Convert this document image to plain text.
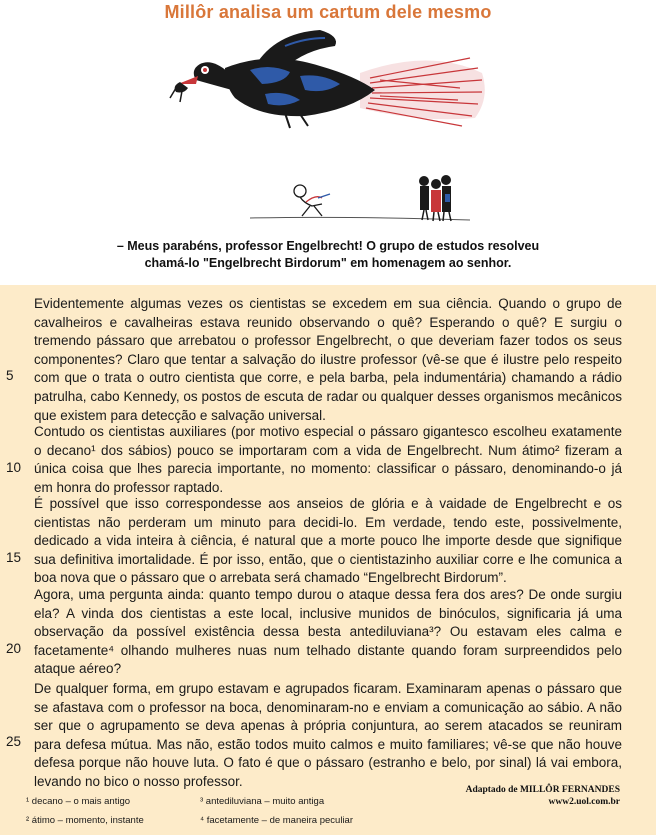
Millôr analisa um cartum dele mesmo
– Meus parabéns, professor Engelbrecht! O grupo de estudos resolveu
chamá-lo "Engelbrecht Birdorum" em homenagem ao senhor.
Evidentemente algumas vezes os cientistas se excedem em sua ciência. Quando o grupo de cavalheiros e cavalheiras estava reunido observando o quê? Esperando o quê? E surgiu o tremendo pássaro que arrebatou o professor Engelbrecht, o que deveriam fazer todos os seus componentes? Claro que tentar a salvação do ilustre professor (vê-se que é ilustre pelo respeito com que o trata o outro cientista que corre, e pela barba, pela indumentária) chamando a rádio patrulha, cabo Kennedy, os postos de escuta de radar ou qualquer desses organismos mecânicos que existem para detecção e salvação universal.
Contudo os cientistas auxiliares (por motivo especial o pássaro gigantesco escolheu exatamente o decano¹ dos sábios) pouco se importaram com a vida de Engelbrecht. Num átimo² fizeram a única coisa que lhes parecia importante, no momento: classificar o pássaro, denominando-o já em honra do professor raptado.
É possível que isso correspondesse aos anseios de glória e à vaidade de Engelbrecht e os cientistas não perderam um minuto para decidi-lo. Em verdade, tendo este, possivelmente, dedicado a vida inteira à ciência, é natural que a morte pouco lhe importe desde que signifique sua definitiva imortalidade. É por isso, então, que o cientistazinho auxiliar corre e lhe comunica a boa nova que o pássaro que o arrebata será chamado “Engelbrecht Birdorum”.
Agora, uma pergunta ainda: quanto tempo durou o ataque dessa fera dos ares? De onde surgiu ela? A vinda dos cientistas a este local, inclusive munidos de binóculos, significaria já uma observação da possível existência dessa besta antediluviana³? Ou estavam eles calma e facetamente⁴ olhando mulheres nuas num telhado distante quando foram surpreendidos pelo ataque aéreo?
De qualquer forma, em grupo estavam e agrupados ficaram. Examinaram apenas o pássaro que se afastava com o professor na boca, denominaram-no e enviam a comunicação ao sábio. A não ser que o agrupamento se deva apenas à própria conjuntura, ao serem atacados se reuniram para defesa mútua. Mas não, estão todos muito calmos e muito familiares; vê-se que não houve defesa porque não houve luta. O fato é que o pássaro (estranho e belo, por sinal) lá vai embora, levando no bico o nosso professor.
5
10
15
20
25
Adaptado de MILLÔR FERNANDES
www2.uol.com.br
¹ decano – o mais antigo
² átimo – momento, instante
³ antediluviana – muito antiga
⁴ facetamente – de maneira peculiar
